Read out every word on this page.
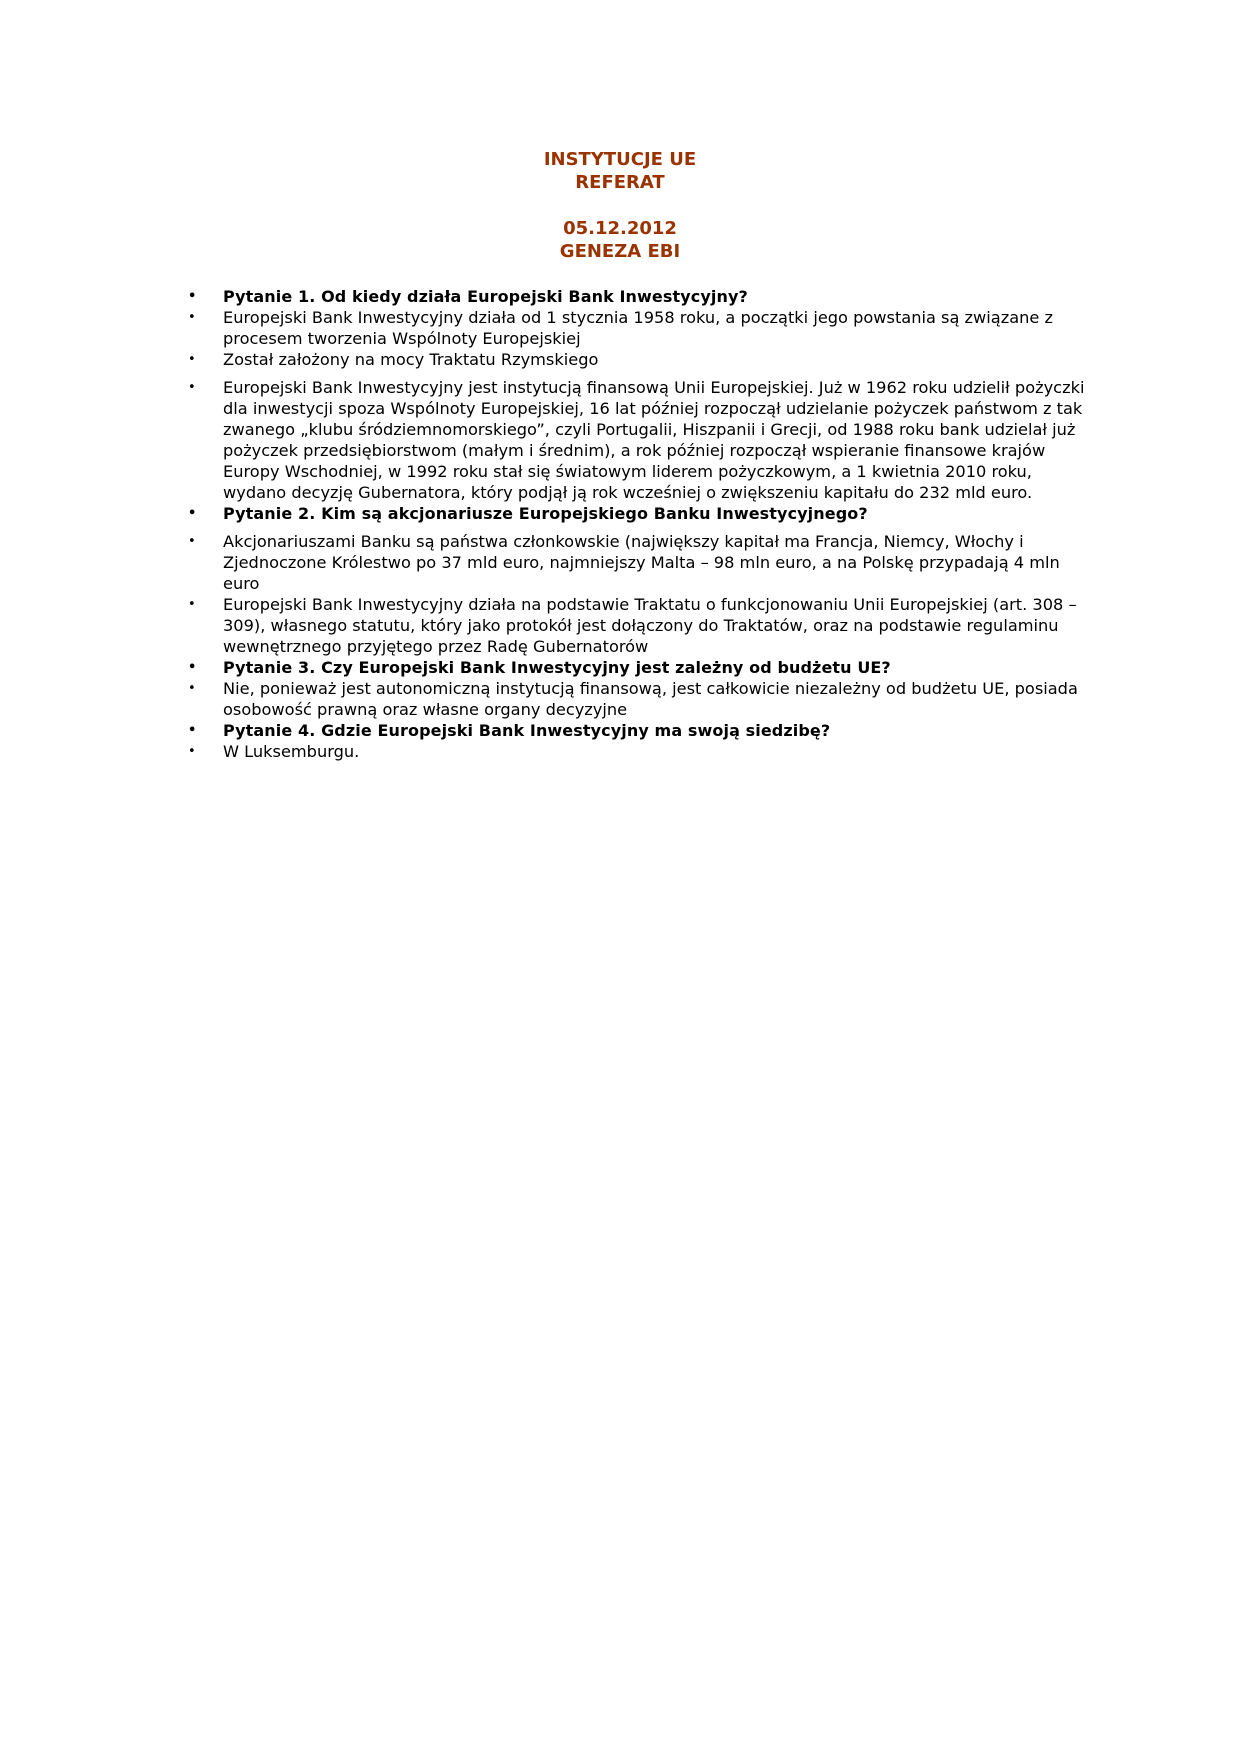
INSTYTUCJE UE
REFERAT
05.12.2012
GENEZA EBI
• Pytanie 1. Od kiedy działa Europejski Bank Inwestycyjny?
• Europejski Bank Inwestycyjny działa od 1 stycznia 1958 roku, a początki jego powstania są związane z procesem tworzenia Wspólnoty Europejskiej
• Został założony na mocy Traktatu Rzymskiego
• Europejski Bank Inwestycyjny jest instytucją finansową Unii Europejskiej. Już w 1962 roku udzielił pożyczki dla inwestycji spoza Wspólnoty Europejskiej, 16 lat później rozpoczął udzielanie pożyczek państwom z tak zwanego „klubu śródziemnomorskiego”, czyli Portugalii, Hiszpanii i Grecji, od 1988 roku bank udzielał już pożyczek przedsiębiorstwom (małym i średnim), a rok później rozpoczął wspieranie finansowe krajów Europy Wschodniej, w 1992 roku stał się światowym liderem pożyczkowym, a 1 kwietnia 2010 roku, wydano decyzję Gubernatora, który podjął ją rok wcześniej o zwiększeniu kapitału do 232 mld euro.
• Pytanie 2. Kim są akcjonariusze Europejskiego Banku Inwestycyjnego?
• Akcjonariuszami Banku są państwa członkowskie (największy kapitał ma Francja, Niemcy, Włochy i Zjednoczone Królestwo po 37 mld euro, najmniejszy Malta – 98 mln euro, a na Polskę przypadają 4 mln euro
• Europejski Bank Inwestycyjny działa na podstawie Traktatu o funkcjonowaniu Unii Europejskiej (art. 308 – 309), własnego statutu, który jako protokół jest dołączony do Traktatów, oraz na podstawie regulaminu wewnętrznego przyjętego przez Radę Gubernatorów
• Pytanie 3. Czy Europejski Bank Inwestycyjny jest zależny od budżetu UE?
• Nie, ponieważ jest autonomiczną instytucją finansową, jest całkowicie niezależny od budżetu UE, posiada osobowość prawną oraz własne organy decyzyjne
• Pytanie 4. Gdzie Europejski Bank Inwestycyjny ma swoją siedzibę?
• W Luksemburgu.
